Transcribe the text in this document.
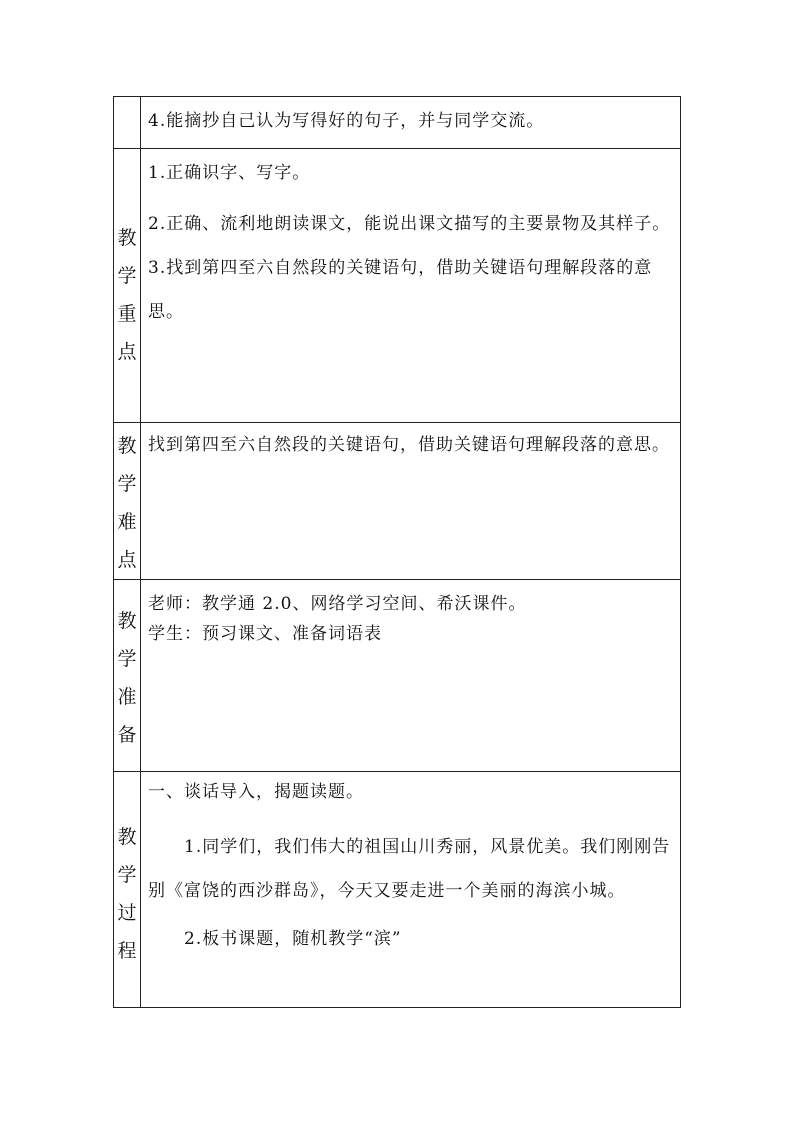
	4.能摘抄自己认为写得好的句子，并与同学交流。

教
学
重
点	1.正确识字、写字。
2.正确、流利地朗读课文，能说出课文描写的主要景物及其样子。
3.找到第四至六自然段的关键语句，借助关键语句理解段落的意思。

教
学
难
点	找到第四至六自然段的关键语句，借助关键语句理解段落的意思。

教
学
准
备	老师：教学通 2.0、网络学习空间、希沃课件。
学生：预习课文、准备词语表

教
学
过
程	一、谈话导入，揭题读题。
1.同学们，我们伟大的祖国山川秀丽，风景优美。我们刚刚告别《富饶的西沙群岛》，今天又要走进一个美丽的海滨小城。
2.板书课题，随机教学“滨”
